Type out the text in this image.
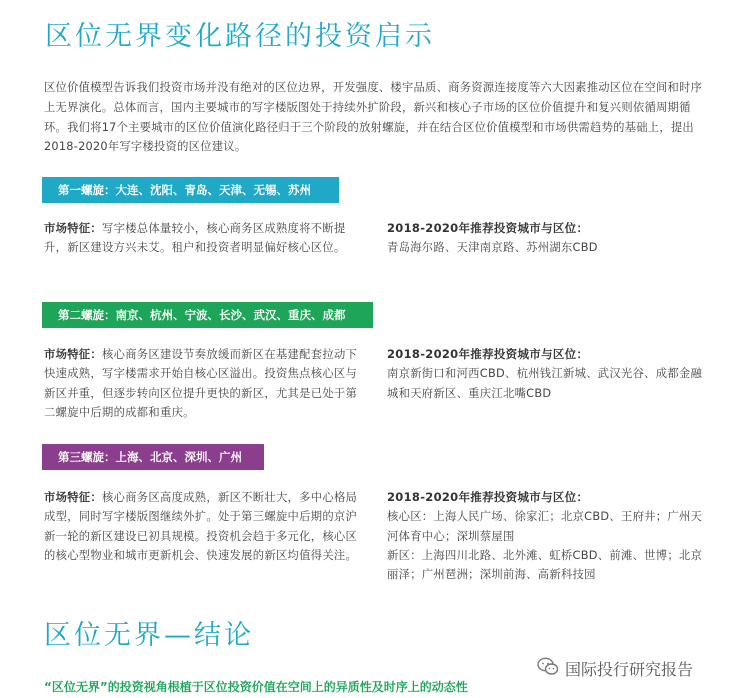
区位无界变化路径的投资启示
区位价值模型告诉我们投资市场并没有绝对的区位边界，开发强度、楼宇品质、商务资源连接度等六大因素推动区位在空间和时序上无界演化。总体而言，国内主要城市的写字楼版图处于持续外扩阶段，新兴和核心子市场的区位价值提升和复兴则依循周期循环。我们将17个主要城市的区位价值演化路径归于三个阶段的放射螺旋，并在结合区位价值模型和市场供需趋势的基础上，提出2018-2020年写字楼投资的区位建议。
第一螺旋：大连、沈阳、青岛、天津、无锡、苏州
市场特征：写字楼总体量较小，核心商务区成熟度将不断提升，新区建设方兴未艾。租户和投资者明显偏好核心区位。
2018-2020年推荐投资城市与区位：
青岛海尔路、天津南京路、苏州湖东CBD
第二螺旋：南京、杭州、宁波、长沙、武汉、重庆、成都
市场特征：核心商务区建设节奏放缓而新区在基建配套拉动下快速成熟，写字楼需求开始自核心区溢出。投资焦点核心区与新区并重，但逐步转向区位提升更快的新区，尤其是已处于第二螺旋中后期的成都和重庆。
2018-2020年推荐投资城市与区位：
南京新街口和河西CBD、杭州钱江新城、武汉光谷、成都金融城和天府新区、重庆江北嘴CBD
第三螺旋：上海、北京、深圳、广州
市场特征：核心商务区高度成熟，新区不断壮大，多中心格局成型，同时写字楼版图继续外扩。处于第三螺旋中后期的京沪新一轮的新区建设已初具规模。投资机会趋于多元化，核心区的核心型物业和城市更新机会、快速发展的新区均值得关注。
2018-2020年推荐投资城市与区位：
核心区：上海人民广场、徐家汇；北京CBD、王府井；广州天河体育中心；深圳蔡屋围
新区：上海四川北路、北外滩、虹桥CBD、前滩、世博；北京丽泽；广州琶洲；深圳前海、高新科技园
区位无界—结论
国际投行研究报告
“区位无界”的投资视角根植于区位投资价值在空间上的异质性及时序上的动态性
